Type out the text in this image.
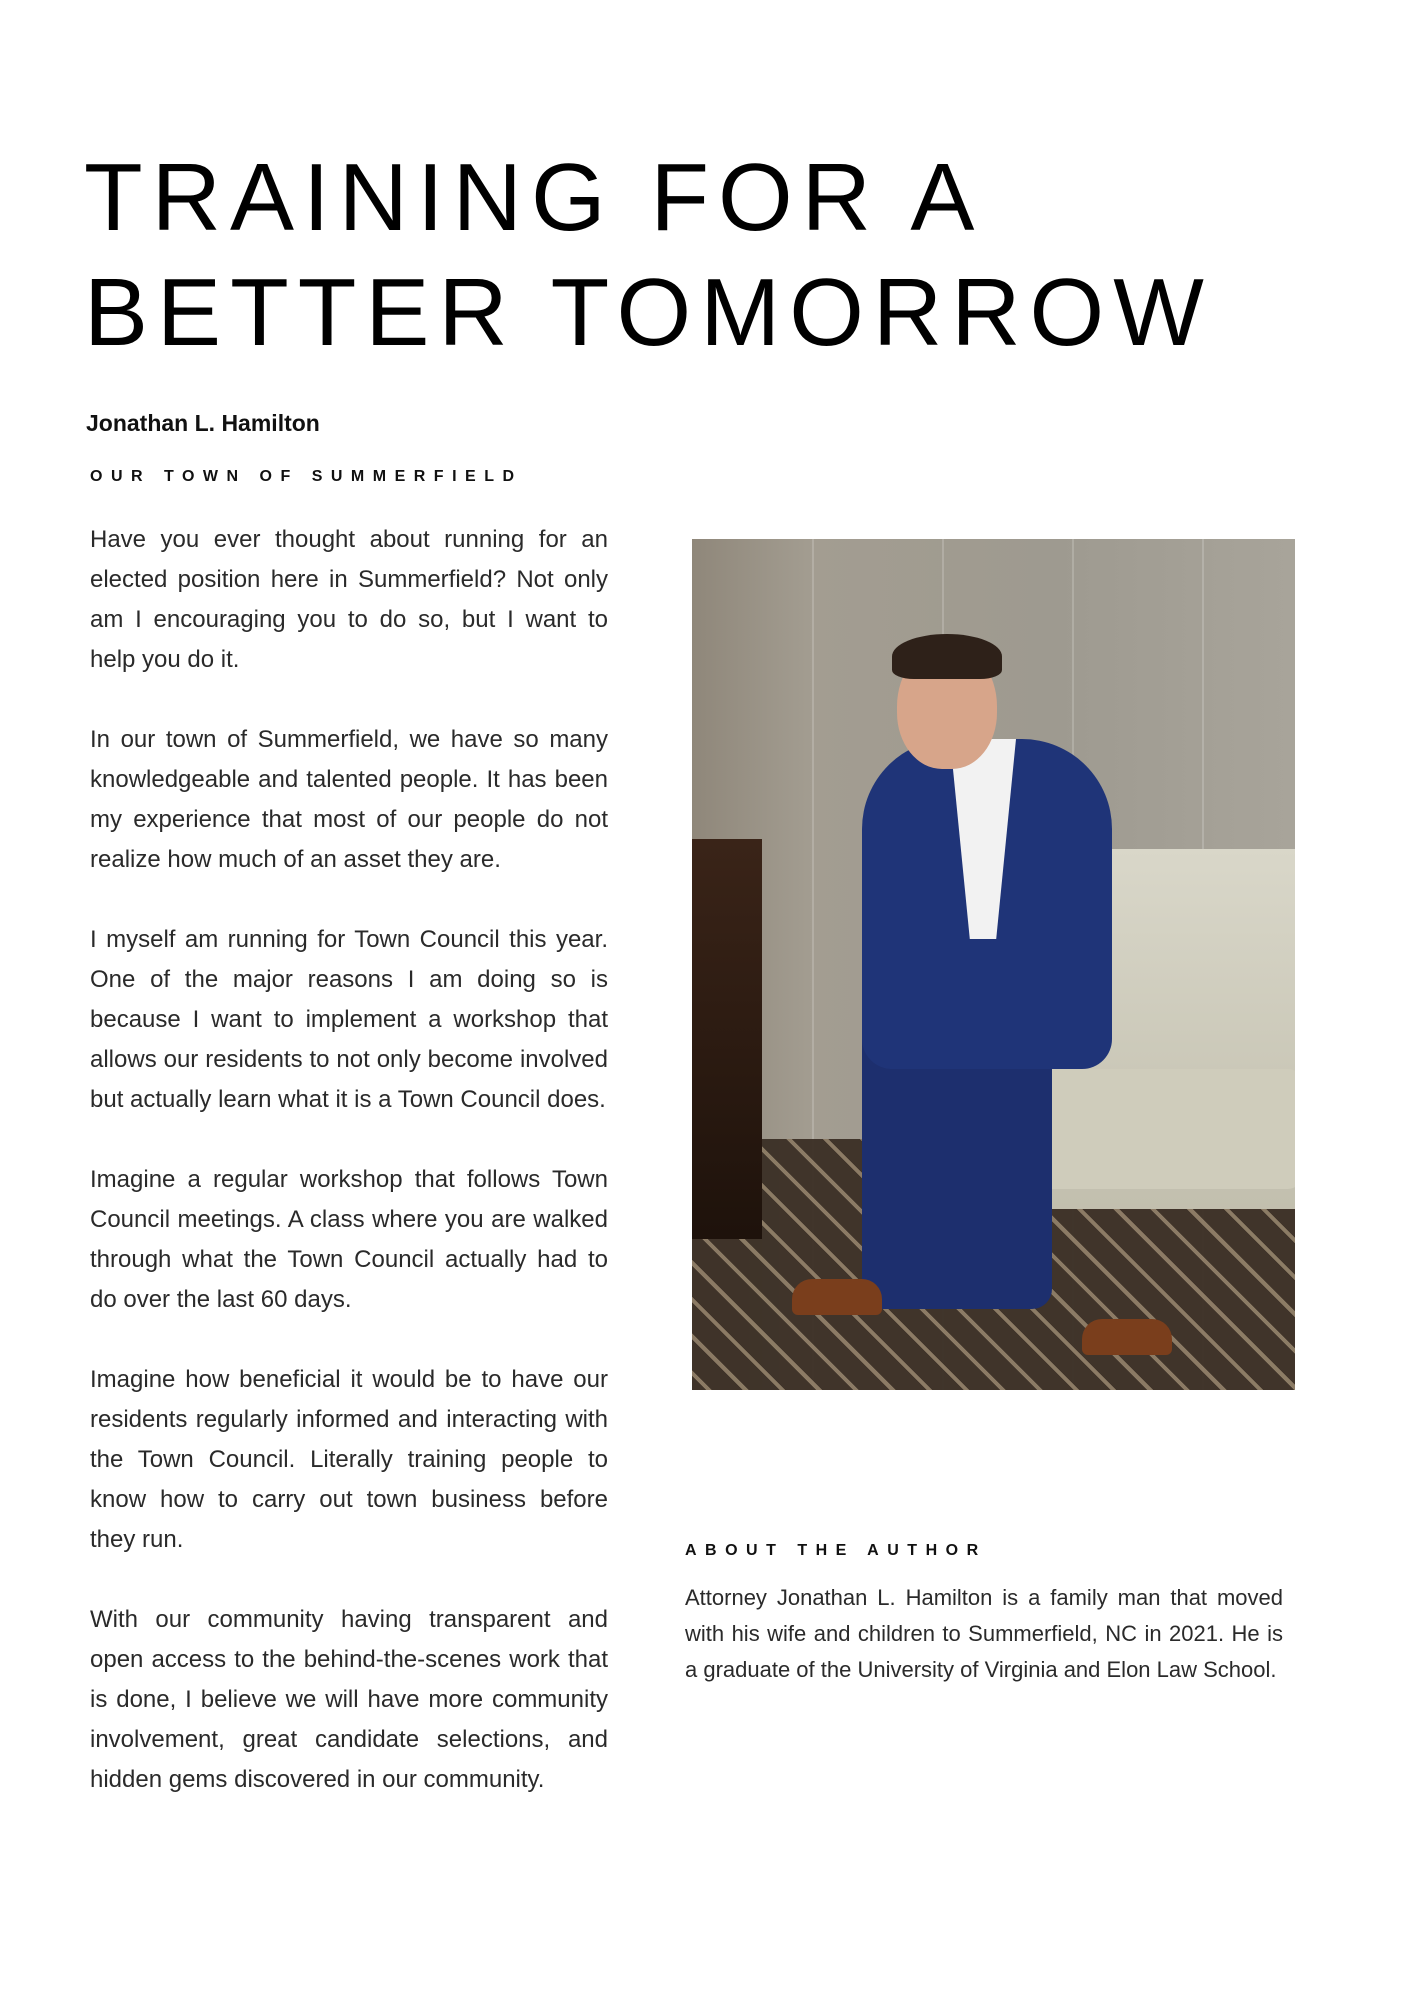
TRAINING FOR A
BETTER TOMORROW
Jonathan L. Hamilton
OUR TOWN OF SUMMERFIELD

Have you ever thought about running for an elected position here in Summerfield? Not only am I encouraging you to do so, but I want to help you do it.

In our town of Summerfield, we have so many knowledgeable and talented people. It has been my experience that most of our people do not realize how much of an asset they are.

I myself am running for Town Council this year. One of the major reasons I am doing so is because I want to implement a workshop that allows our residents to not only become involved but actually learn what it is a Town Council does.

Imagine a regular workshop that follows Town Council meetings. A class where you are walked through what the Town Council actually had to do over the last 60 days.

Imagine how beneficial it would be to have our residents regularly informed and interacting with the Town Council. Literally training people to know how to carry out town business before they run.

With our community having transparent and open access to the behind-the-scenes work that is done, I believe we will have more community involvement, great candidate selections, and hidden gems discovered in our community.

ABOUT THE AUTHOR

Attorney Jonathan L. Hamilton is a family man that moved with his wife and children to Summerfield, NC in 2021. He is a graduate of the University of Virginia and Elon Law School.
